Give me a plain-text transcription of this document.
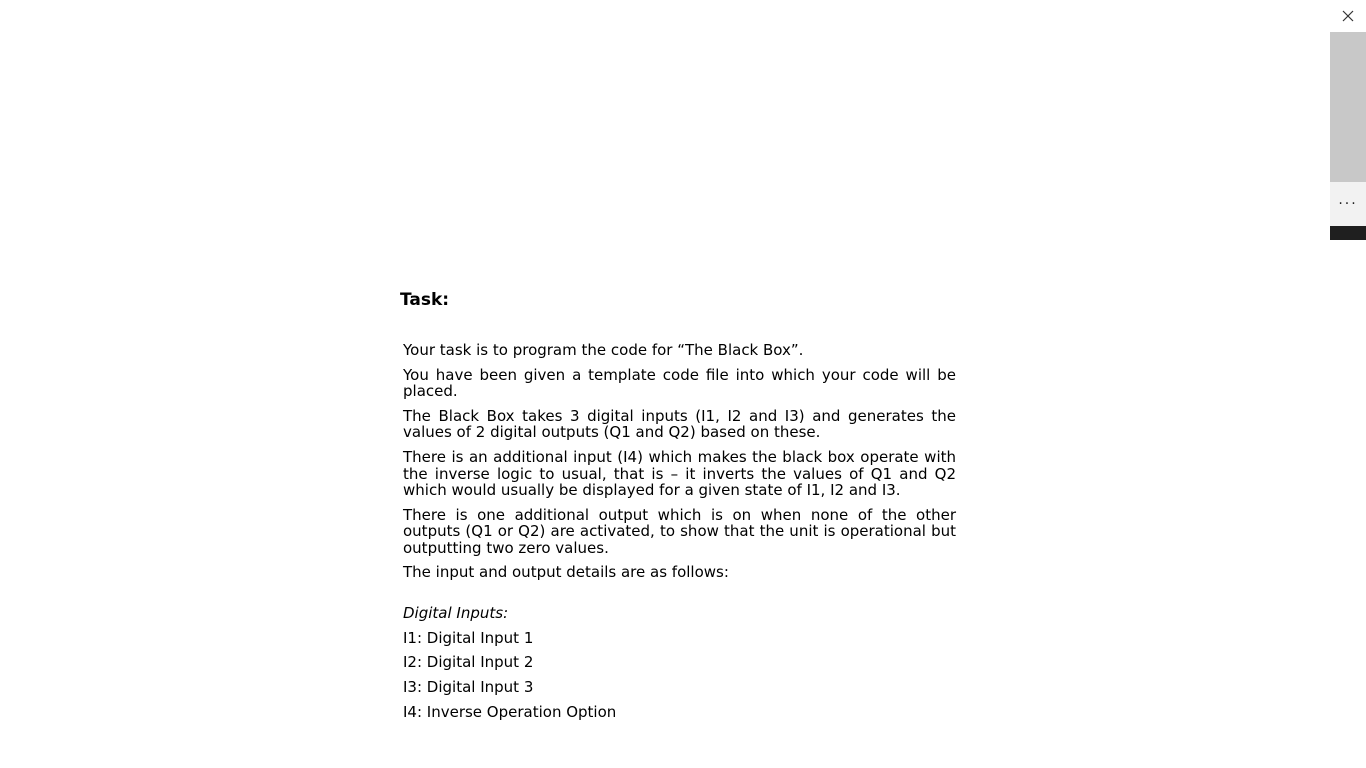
Task:

Your task is to program the code for “The Black Box”.

You have been given a template code file into which your code will be placed.

The Black Box takes 3 digital inputs (I1, I2 and I3) and generates the values of 2 digital outputs (Q1 and Q2) based on these.

There is an additional input (I4) which makes the black box operate with the inverse logic to usual, that is – it inverts the values of Q1 and Q2 which would usually be displayed for a given state of I1, I2 and I3.

There is one additional output which is on when none of the other outputs (Q1 or Q2) are activated, to show that the unit is operational but outputting two zero values.

The input and output details are as follows:

Digital Inputs:

I1: Digital Input 1

I2: Digital Input 2

I3: Digital Input 3

I4: Inverse Operation Option

···
